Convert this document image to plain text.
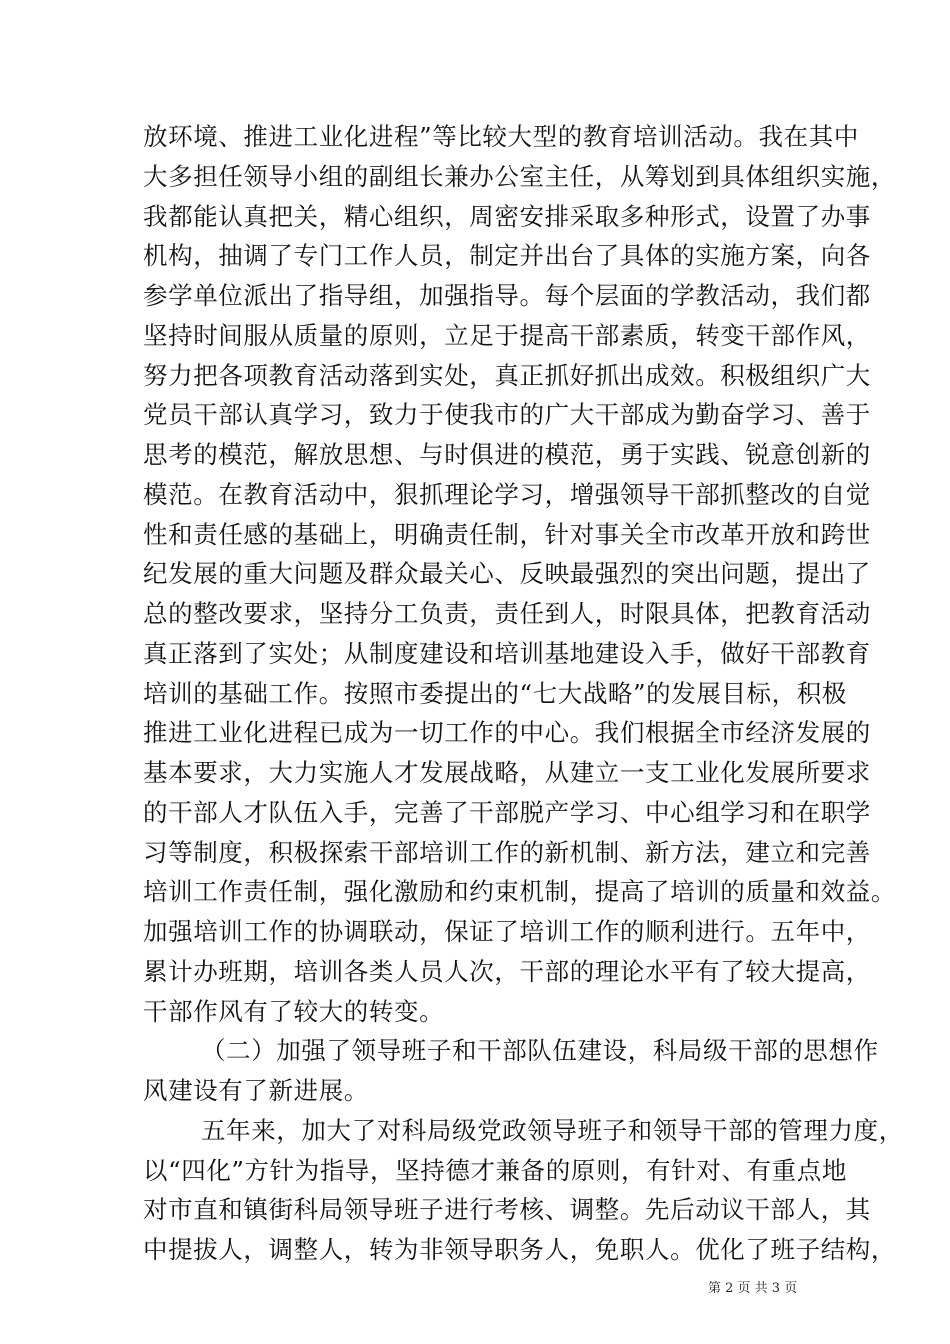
放环境、推进工业化进程”等比较大型的教育培训活动。我在其中
大多担任领导小组的副组长兼办公室主任，从筹划到具体组织实施，
我都能认真把关，精心组织，周密安排采取多种形式，设置了办事
机构，抽调了专门工作人员，制定并出台了具体的实施方案，向各
参学单位派出了指导组，加强指导。每个层面的学教活动，我们都
坚持时间服从质量的原则，立足于提高干部素质，转变干部作风，
努力把各项教育活动落到实处，真正抓好抓出成效。积极组织广大
党员干部认真学习，致力于使我市的广大干部成为勤奋学习、善于
思考的模范，解放思想、与时俱进的模范，勇于实践、锐意创新的
模范。在教育活动中，狠抓理论学习，增强领导干部抓整改的自觉
性和责任感的基础上，明确责任制，针对事关全市改革开放和跨世
纪发展的重大问题及群众最关心、反映最强烈的突出问题，提出了
总的整改要求，坚持分工负责，责任到人，时限具体，把教育活动
真正落到了实处；从制度建设和培训基地建设入手，做好干部教育
培训的基础工作。按照市委提出的“七大战略”的发展目标，积极
推进工业化进程已成为一切工作的中心。我们根据全市经济发展的
基本要求，大力实施人才发展战略，从建立一支工业化发展所要求
的干部人才队伍入手，完善了干部脱产学习、中心组学习和在职学
习等制度，积极探索干部培训工作的新机制、新方法，建立和完善
培训工作责任制，强化激励和约束机制，提高了培训的质量和效益。
加强培训工作的协调联动，保证了培训工作的顺利进行。五年中，
累计办班期，培训各类人员人次，干部的理论水平有了较大提高，
干部作风有了较大的转变。
（二）加强了领导班子和干部队伍建设，科局级干部的思想作
风建设有了新进展。
五年来，加大了对科局级党政领导班子和领导干部的管理力度，
以“四化”方针为指导，坚持德才兼备的原则，有针对、有重点地
对市直和镇街科局领导班子进行考核、调整。先后动议干部人，其
中提拔人，调整人，转为非领导职务人，免职人。优化了班子结构，
第 2 页 共 3 页
